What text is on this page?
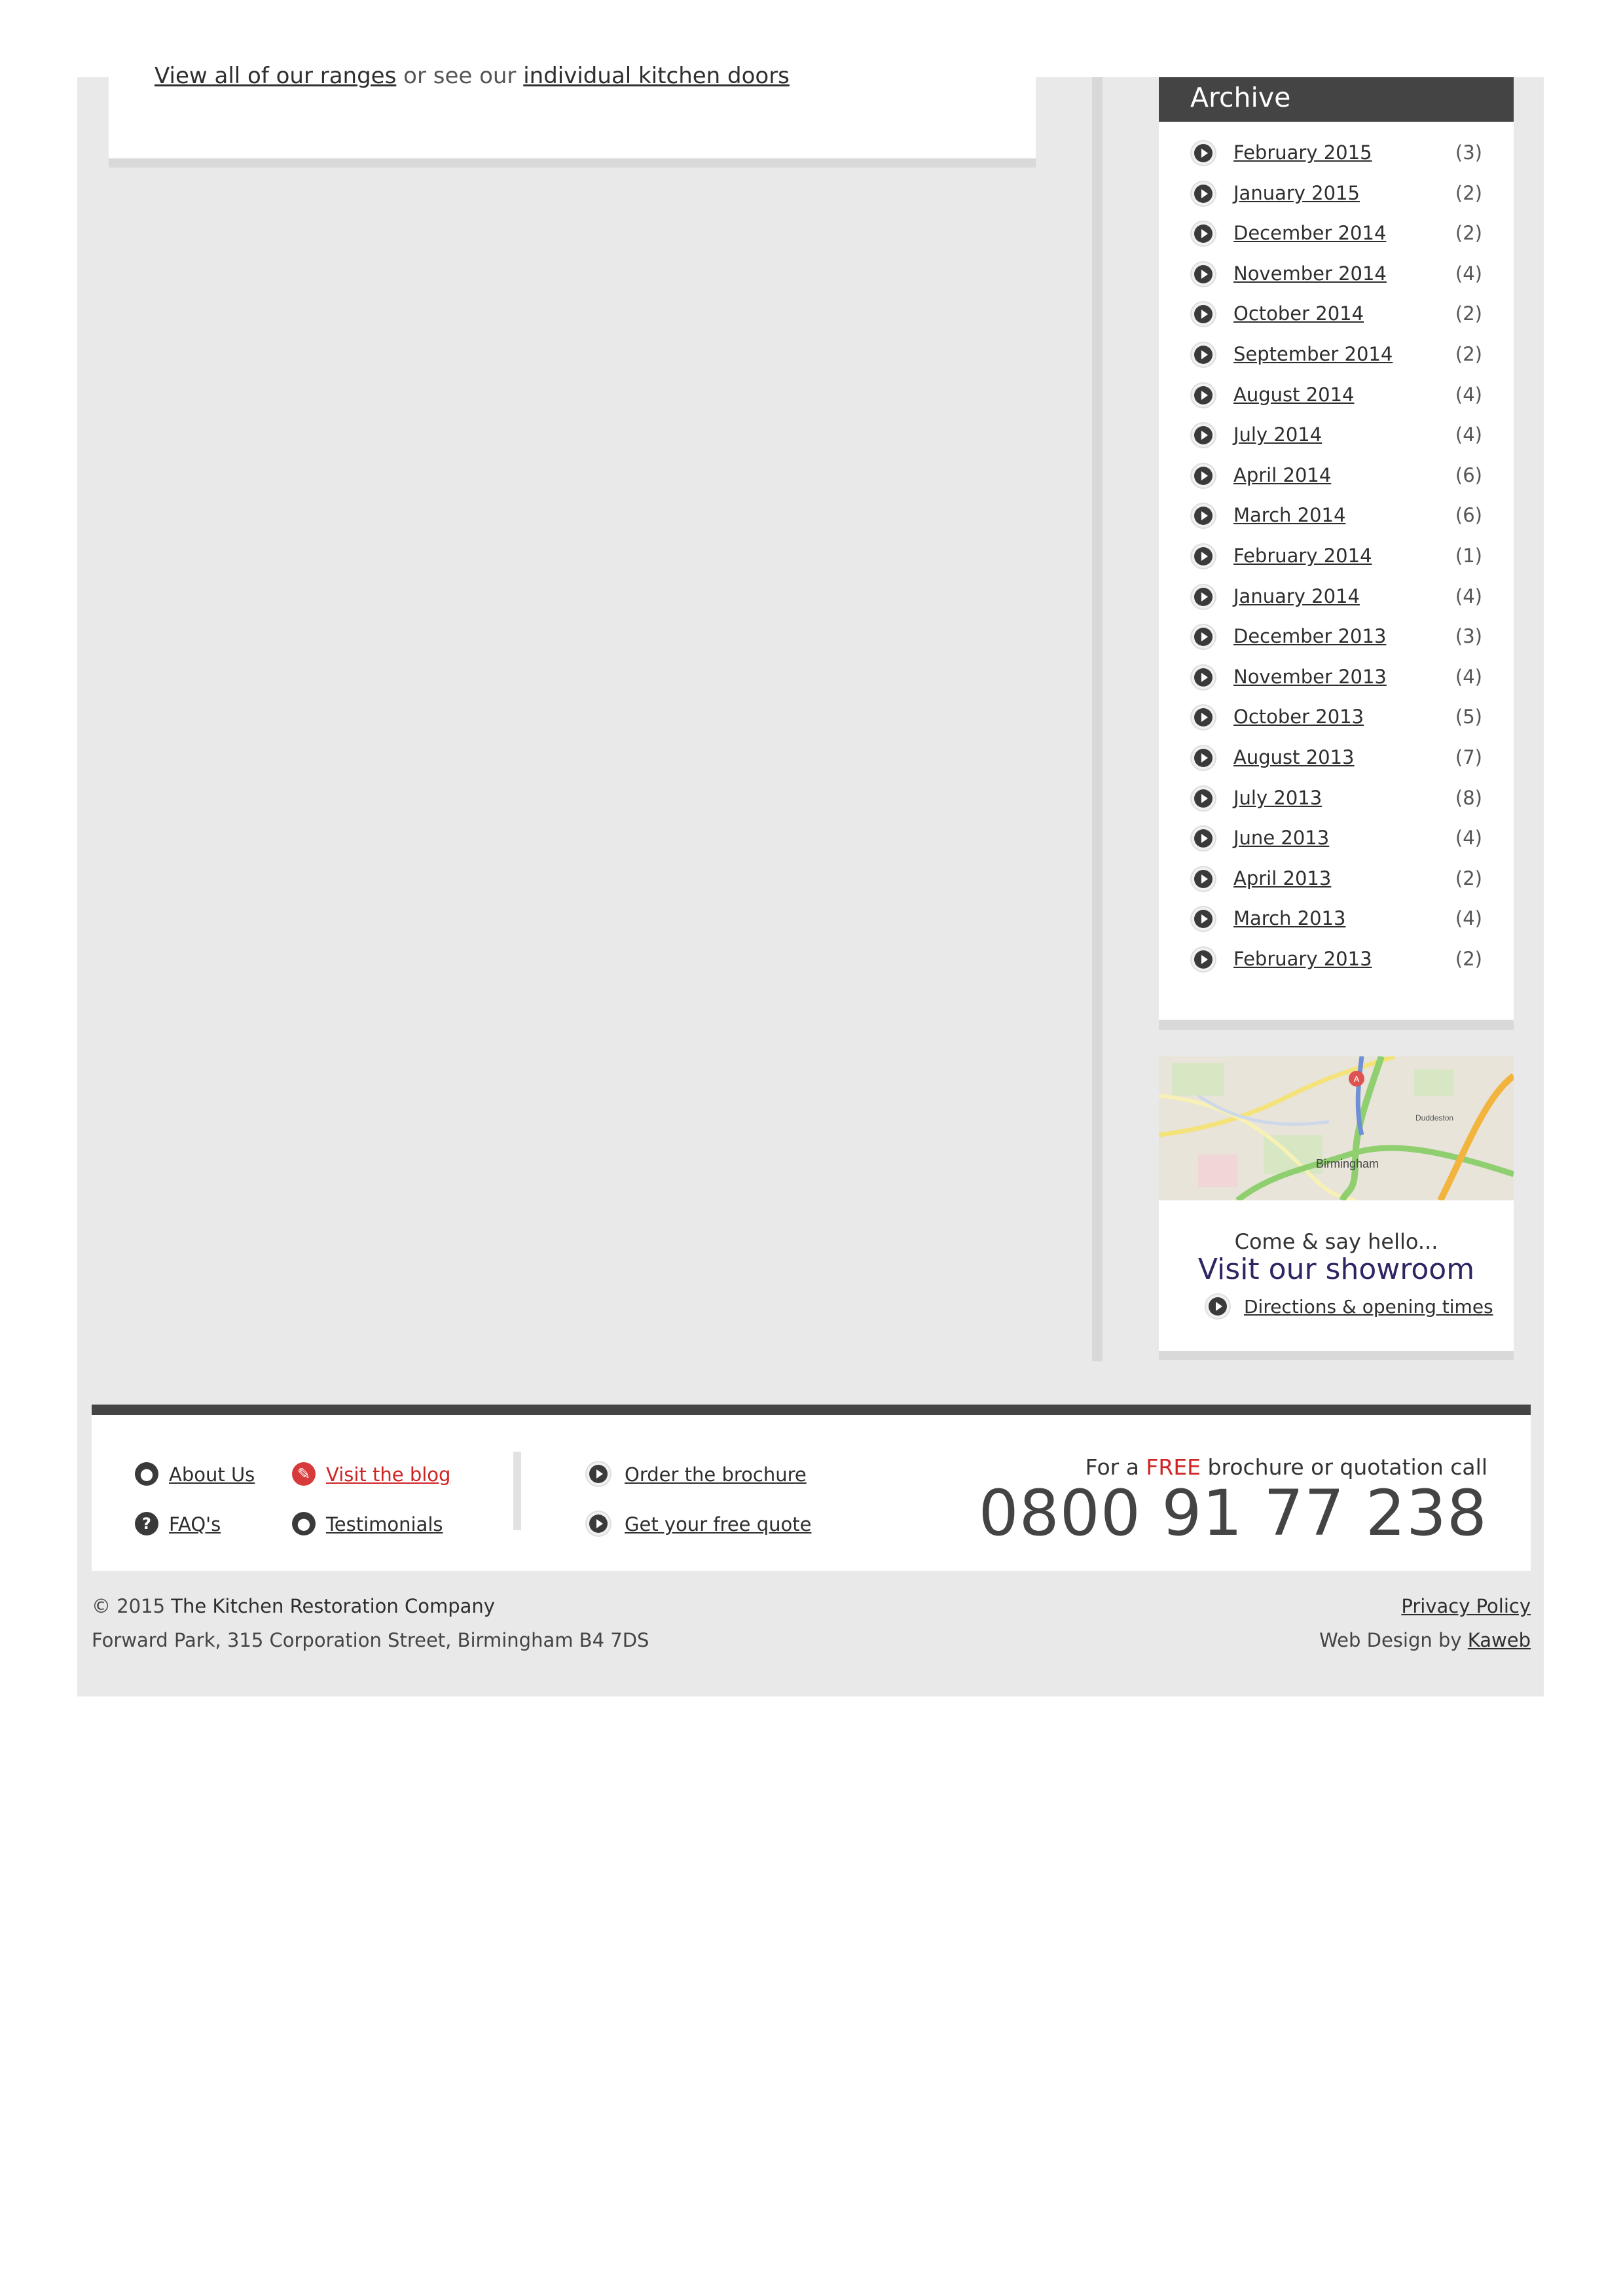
View all of our ranges or see our individual kitchen doors
Archive
February 2015	(3)
January 2015	(2)
December 2014	(2)
November 2014	(4)
October 2014	(2)
September 2014	(2)
August 2014	(4)
July 2014	(4)
April 2014	(6)
March 2014	(6)
February 2014	(1)
January 2014	(4)
December 2013	(3)
November 2013	(4)
October 2013	(5)
August 2013	(7)
July 2013	(8)
June 2013	(4)
April 2013	(2)
March 2013	(4)
February 2013	(2)
A
Birmingham
Duddeston
Come & say hello...
Visit our showroom
Directions & opening times
● About Us	✎ Visit the blog
? FAQ's	● Testimonials
Order the brochure
Get your free quote
For a FREE brochure or quotation call
0800 91 77 238
© 2015 The Kitchen Restoration Company
Forward Park, 315 Corporation Street, Birmingham B4 7DS
Privacy Policy
Web Design by Kaweb
